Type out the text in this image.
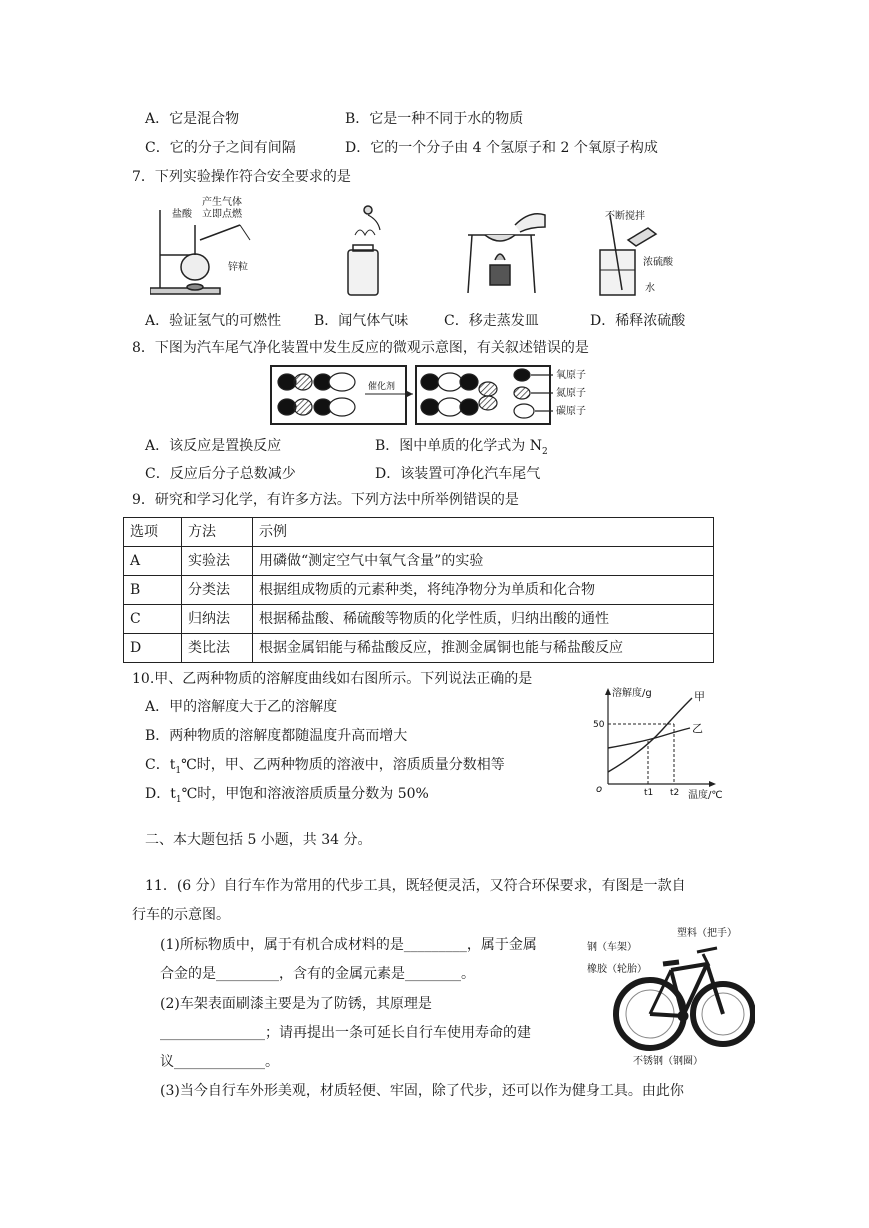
A．它是混合物	B．它是一种不同于水的物质
C．它的分子之间有间隔	D．它的一个分子由 4 个氢原子和 2 个氧原子构成
7．下列实验操作符合安全要求的是
产生气体
立即点燃
盐酸
锌粒
不断搅拌
浓硫酸
水
A．验证氢气的可燃性 B．闻气体气味	C．移走蒸发皿	D．稀释浓硫酸
8．下图为汽车尾气净化装置中发生反应的微观示意图，有关叙述错误的是
催化剂
氧原子
氮原子
碳原子
A．该反应是置换反应	B．图中单质的化学式为 $N_2$
C．反应后分子总数减少	D．该装置可净化汽车尾气
9．研究和学习化学，有许多方法。下列方法中所举例错误的是
选项	方法	示例
A	实验法	用磷做“测定空气中氧气含量”的实验
B	分类法	根据组成物质的元素种类，将纯净物分为单质和化合物
C	归纳法	根据稀盐酸、稀硫酸等物质的化学性质，归纳出酸的通性
D	类比法	根据金属铝能与稀盐酸反应，推测金属铜也能与稀盐酸反应
10.甲、乙两种物质的溶解度曲线如右图所示。下列说法正确的是
A．甲的溶解度大于乙的溶解度
B．两种物质的溶解度都随温度升高而增大
C．$t_1℃$时，甲、乙两种物质的溶液中，溶质质量分数相等
D．$t_1℃$时，甲饱和溶液溶质质量分数为 50%
溶解度/g
温度/℃
o
50
t1 t2
甲
乙
二、本大题包括 5 小题，共 34 分。
11．(6 分）自行车作为常用的代步工具，既轻便灵活，又符合环保要求，有图是一款自
行车的示意图。
(1)所标物质中，属于有机合成材料的是_________，属于金属
合金的是_________，含有的金属元素是________。
(2)车架表面刷漆主要是为了防锈，其原理是
_______________；请再提出一条可延长自行车使用寿命的建
议_____________。
(3)当今自行车外形美观，材质轻便、牢固，除了代步，还可以作为健身工具。由此你
塑料（把手）
钢（车架）
橡胶（轮胎）
不锈钢（钢圈）
